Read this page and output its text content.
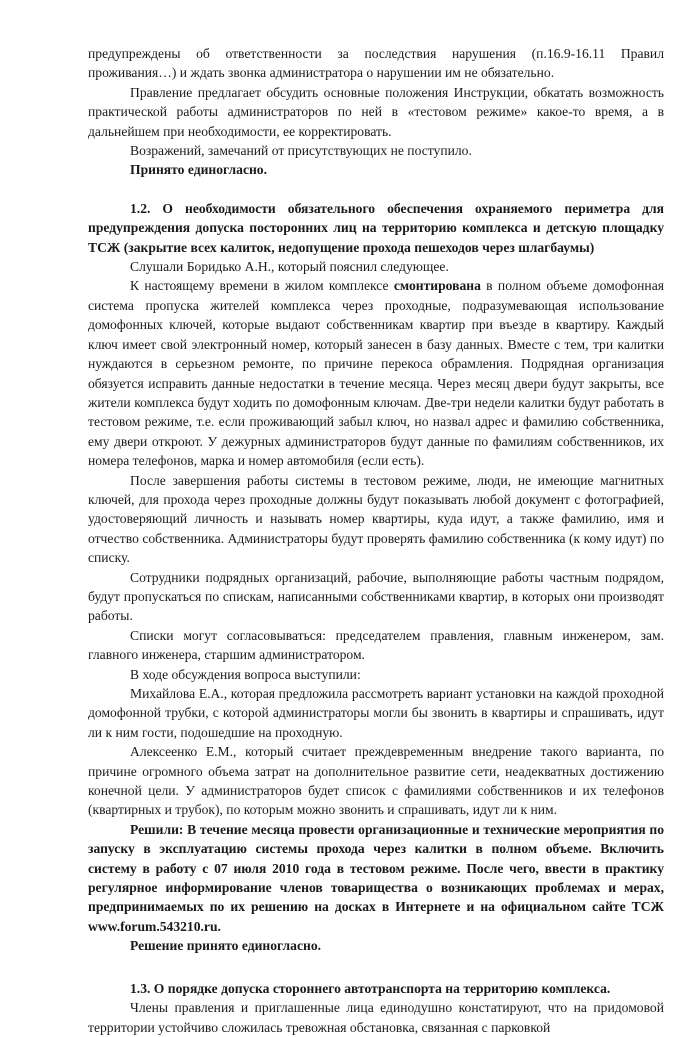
предупреждены об ответственности за последствия нарушения (п.16.9-16.11 Правил проживания…) и ждать звонка администратора о нарушении им не обязательно.

Правление предлагает обсудить основные положения Инструкции, обкатать возможность практической работы администраторов по ней в «тестовом режиме» какое-то время, а в дальнейшем при необходимости, ее корректировать.

Возражений, замечаний от присутствующих не поступило.

Принято единогласно.

1.2. О необходимости обязательного обеспечения охраняемого периметра для предупреждения допуска посторонних лиц на территорию комплекса и детскую площадку ТСЖ (закрытие всех калиток, недопущение прохода пешеходов через шлагбаумы)

Слушали Боридько А.Н., который пояснил следующее.

К настоящему времени в жилом комплексе смонтирована в полном объеме домофонная система пропуска жителей комплекса через проходные, подразумевающая использование домофонных ключей, которые выдают собственникам квартир при въезде в квартиру. Каждый ключ имеет свой электронный номер, который занесен в базу данных. Вместе с тем, три калитки нуждаются в серьезном ремонте, по причине перекоса обрамления. Подрядная организация обязуется исправить данные недостатки в течение месяца. Через месяц двери будут закрыты, все жители комплекса будут ходить по домофонным ключам. Две-три недели калитки будут работать в тестовом режиме, т.е. если проживающий забыл ключ, но назвал адрес и фамилию собственника, ему двери откроют. У дежурных администраторов будут данные по фамилиям собственников, их номера телефонов, марка и номер автомобиля (если есть).

После завершения работы системы в тестовом режиме, люди, не имеющие магнитных ключей, для прохода через проходные должны будут показывать любой документ с фотографией, удостоверяющий личность и называть номер квартиры, куда идут, а также фамилию, имя и отчество собственника. Администраторы будут проверять фамилию собственника (к кому идут) по списку.

Сотрудники подрядных организаций, рабочие, выполняющие работы частным подрядом, будут пропускаться по спискам, написанными собственниками квартир, в которых они производят работы.

Списки могут согласовываться: председателем правления, главным инженером, зам. главного инженера, старшим администратором.

В ходе обсуждения вопроса выступили:

Михайлова Е.А., которая предложила рассмотреть вариант установки на каждой проходной домофонной трубки, с которой администраторы могли бы звонить в квартиры и спрашивать, идут ли к ним гости, подошедшие на проходную.

Алексеенко Е.М., который считает преждевременным внедрение такого варианта, по причине огромного объема затрат на дополнительное развитие сети, неадекватных достижению конечной цели. У администраторов будет список с фамилиями собственников и их телефонов (квартирных и трубок), по которым можно звонить и спрашивать, идут ли к ним.

Решили: В течение месяца провести организационные и технические мероприятия по запуску в эксплуатацию системы прохода через калитки в полном объеме. Включить систему в работу с 07 июля 2010 года в тестовом режиме. После чего, ввести в практику регулярное информирование членов товарищества о возникающих проблемах и мерах, предпринимаемых по их решению на досках в Интернете и на официальном сайте ТСЖ www.forum.543210.ru.

Решение принято единогласно.

1.3. О порядке допуска стороннего автотранспорта на территорию комплекса.

Члены правления и приглашенные лица единодушно констатируют, что на придомовой территории устойчиво сложилась тревожная обстановка, связанная с парковкой
